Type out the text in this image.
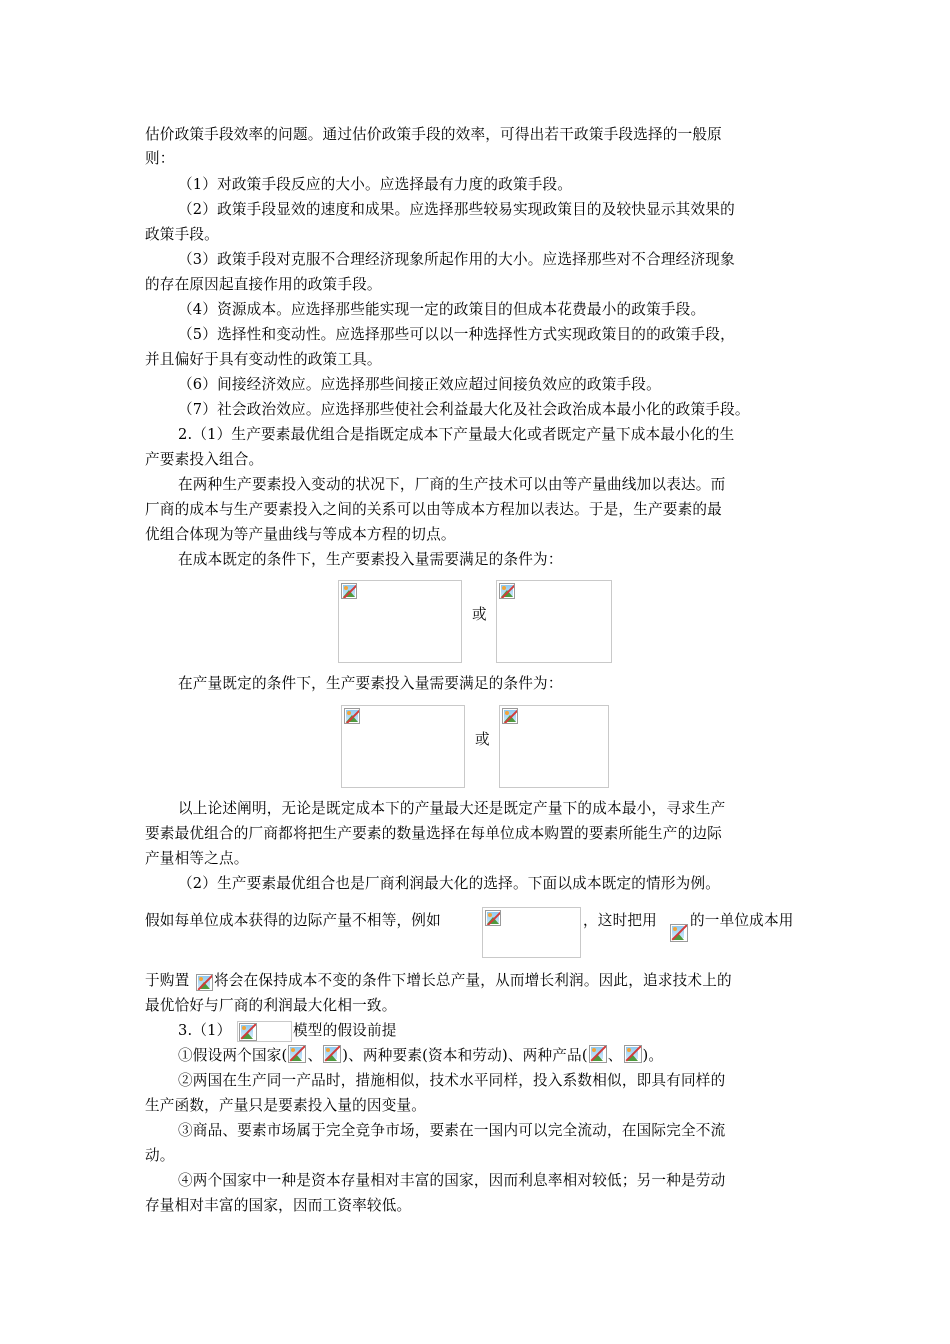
估价政策手段效率的问题。通过估价政策手段的效率，可得出若干政策手段选择的一般原
则：
（1）对政策手段反应的大小。应选择最有力度的政策手段。
（2）政策手段显效的速度和成果。应选择那些较易实现政策目的及较快显示其效果的
政策手段。
（3）政策手段对克服不合理经济现象所起作用的大小。应选择那些对不合理经济现象
的存在原因起直接作用的政策手段。
（4）资源成本。应选择那些能实现一定的政策目的但成本花费最小的政策手段。
（5）选择性和变动性。应选择那些可以以一种选择性方式实现政策目的的政策手段，
并且偏好于具有变动性的政策工具。
（6）间接经济效应。应选择那些间接正效应超过间接负效应的政策手段。
（7）社会政治效应。应选择那些使社会利益最大化及社会政治成本最小化的政策手段。
2.（1）生产要素最优组合是指既定成本下产量最大化或者既定产量下成本最小化的生
产要素投入组合。
在两种生产要素投入变动的状况下，厂商的生产技术可以由等产量曲线加以表达。而
厂商的成本与生产要素投入之间的关系可以由等成本方程加以表达。于是，生产要素的最
优组合体现为等产量曲线与等成本方程的切点。
在成本既定的条件下，生产要素投入量需要满足的条件为：
或
在产量既定的条件下，生产要素投入量需要满足的条件为：
或
以上论述阐明，无论是既定成本下的产量最大还是既定产量下的成本最小，寻求生产
要素最优组合的厂商都将把生产要素的数量选择在每单位成本购置的要素所能生产的边际
产量相等之点。
（2）生产要素最优组合也是厂商利润最大化的选择。下面以成本既定的情形为例。
假如每单位成本获得的边际产量不相等，例如	，这时把用 的一单位成本用
于购置 将会在保持成本不变的条件下增长总产量，从而增长利润。因此，追求技术上的
最优恰好与厂商的利润最大化相一致。
3.（1）	模型的假设前提
①假设两个国家( 、 )、两种要素(资本和劳动)、两种产品( 、 )。
②两国在生产同一产品时，措施相似，技术水平同样，投入系数相似，即具有同样的
生产函数，产量只是要素投入量的因变量。
③商品、要素市场属于完全竞争市场，要素在一国内可以完全流动，在国际完全不流
动。
④两个国家中一种是资本存量相对丰富的国家，因而利息率相对较低；另一种是劳动
存量相对丰富的国家，因而工资率较低。
